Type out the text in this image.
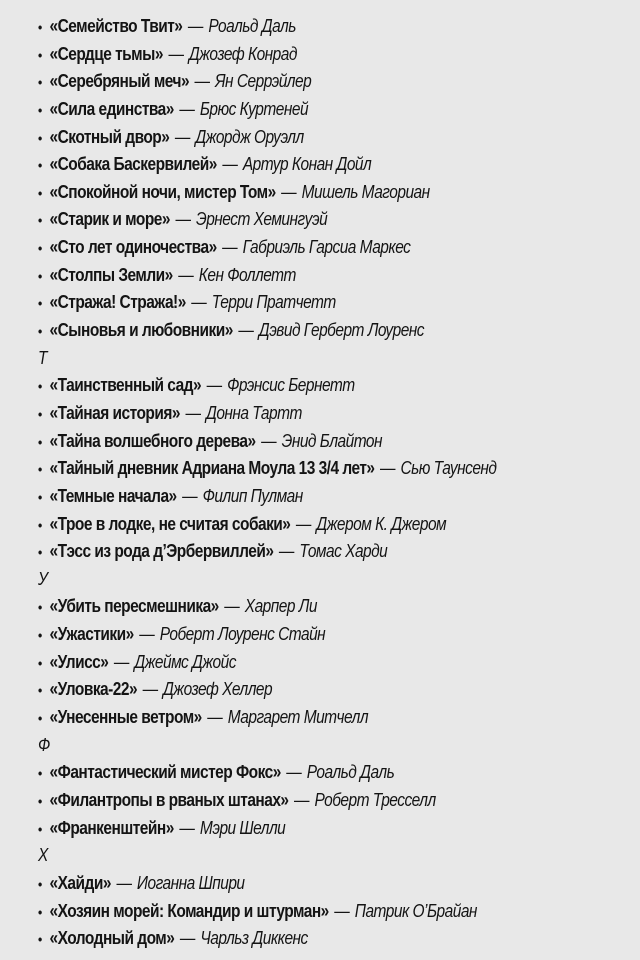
• «Семейство Твит» — Роальд Даль
• «Сердце тьмы» — Джозеф Конрад
• «Серебряный меч» — Ян Серрэйлер
• «Сила единства» — Брюс Куртеней
• «Скотный двор» — Джордж Оруэлл
• «Собака Баскервилей» — Артур Конан Дойл
• «Спокойной ночи, мистер Том» — Мишель Магориан
• «Старик и море» — Эрнест Хемингуэй
• «Сто лет одиночества» — Габриэль Гарсиа Маркес
• «Столпы Земли» — Кен Фоллетт
• «Стража! Стража!» — Терри Пратчетт
• «Сыновья и любовники» — Дэвид Герберт Лоуренс
Т
• «Таинственный сад» — Фрэнсис Бернетт
• «Тайная история» — Донна Тартт
• «Тайна волшебного дерева» — Энид Блайтон
• «Тайный дневник Адриана Моула 13 3/4 лет» — Сью Таунсенд
• «Темные начала» — Филип Пулман
• «Трое в лодке, не считая собаки» — Джером К. Джером
• «Тэсс из рода д’Эрбервиллей» — Томас Харди
У
• «Убить пересмешника» — Харпер Ли
• «Ужастики» — Роберт Лоуренс Стайн
• «Улисс» — Джеймс Джойс
• «Уловка-22» — Джозеф Хеллер
• «Унесенные ветром» — Маргарет Митчелл
Ф
• «Фантастический мистер Фокс» — Роальд Даль
• «Филантропы в рваных штанах» — Роберт Тресселл
• «Франкенштейн» — Мэри Шелли
Х
• «Хайди» — Иоганна Шпири
• «Хозяин морей: Командир и штурман» — Патрик О’Брайан
• «Холодный дом» — Чарльз Диккенс
